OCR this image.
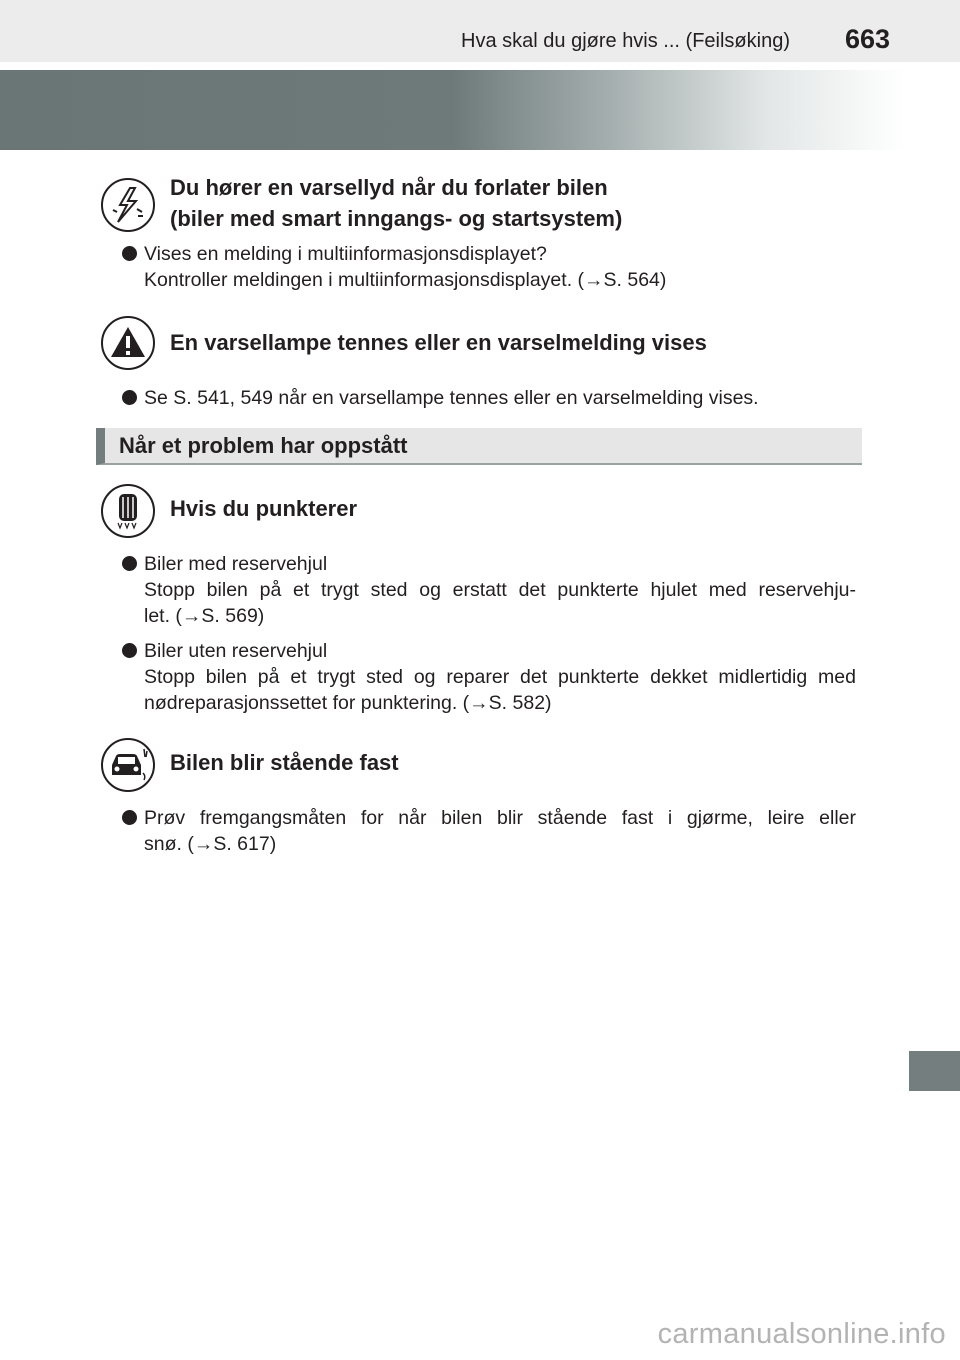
Hva skal du gjøre hvis ... (Feilsøking) 663
Du hører en varsellyd når du forlater bilen
(biler med smart inngangs- og startsystem)
Vises en melding i multiinformasjonsdisplayet?
Kontroller meldingen i multiinformasjonsdisplayet. (→S. 564)
En varsellampe tennes eller en varselmelding vises
Se S. 541, 549 når en varsellampe tennes eller en varselmelding vises.
Når et problem har oppstått
Hvis du punkterer
Biler med reservehjul
Stopp bilen på et trygt sted og erstatt det punkterte hjulet med reservehju-
let. (→S. 569)
Biler uten reservehjul
Stopp bilen på et trygt sted og reparer det punkterte dekket midlertidig med
nødreparasjonssettet for punktering. (→S. 582)
Bilen blir stående fast
Prøv fremgangsmåten for når bilen blir stående fast i gjørme, leire eller
snø. (→S. 617)
carmanualsonline.info
